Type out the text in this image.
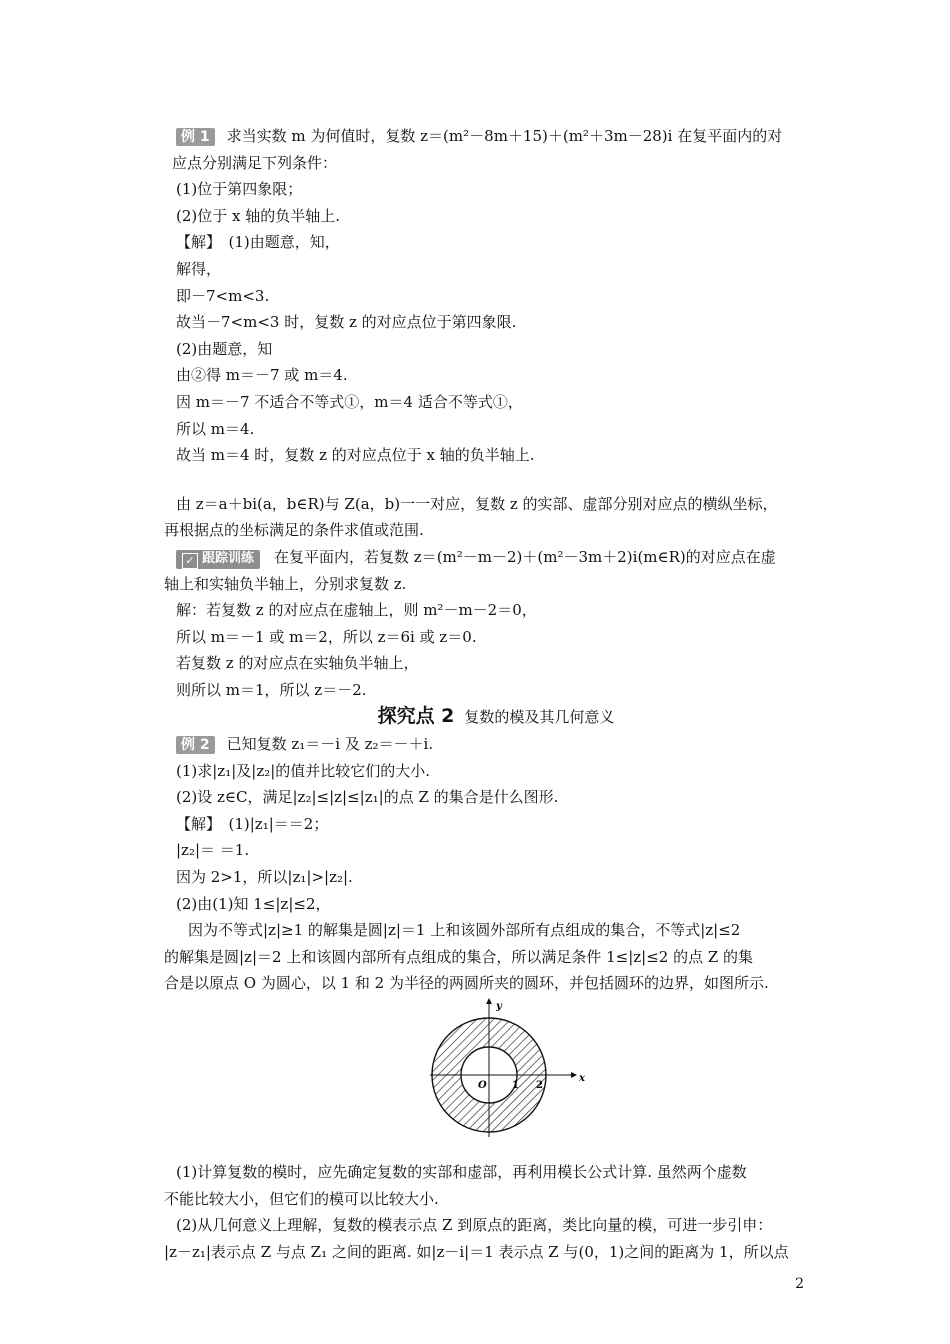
例 1 求当实数 m 为何值时，复数 z＝(m²－8m＋15)＋(m²＋3m－28)i 在复平面内的对

应点分别满足下列条件：

(1)位于第四象限；

(2)位于 x 轴的负半轴上.

【解】　(1)由题意，知，

解得，

即－7<m<3.

故当－7<m<3 时，复数 z 的对应点位于第四象限.

(2)由题意，知

由②得 m＝－7 或 m＝4.

因 m＝－7 不适合不等式①，m＝4 适合不等式①，

所以 m＝4.

故当 m＝4 时，复数 z 的对应点位于 x 轴的负半轴上.

由 z＝a＋bi(a，b∈R)与 Z(a，b)一一对应，复数 z 的实部、虚部分别对应点的横纵坐标，

再根据点的坐标满足的条件求值或范围.

✓ 跟踪训练 在复平面内，若复数 z＝(m²－m－2)＋(m²－3m＋2)i(m∈R)的对应点在虚

轴上和实轴负半轴上，分别求复数 z.

解：若复数 z 的对应点在虚轴上，则 m²－m－2＝0，

所以 m＝－1 或 m＝2，所以 z＝6i 或 z＝0.

若复数 z 的对应点在实轴负半轴上，

则所以 m＝1，所以 z＝－2.

探究点 2 复数的模及其几何意义

例 2 已知复数 z₁＝－i 及 z₂＝－＋i.

(1)求|z₁|及|z₂|的值并比较它们的大小.

(2)设 z∈C，满足|z₂|≤|z|≤|z₁|的点 Z 的集合是什么图形.

【解】　(1)|z₁|＝＝2；

|z₂|＝ ＝1.

因为 2>1，所以|z₁|>|z₂|.

(2)由(1)知 1≤|z|≤2，

因为不等式|z|≥1 的解集是圆|z|＝1 上和该圆外部所有点组成的集合，不等式|z|≤2

的解集是圆|z|＝2 上和该圆内部所有点组成的集合，所以满足条件 1≤|z|≤2 的点 Z 的集

合是以原点 O 为圆心，以 1 和 2 为半径的两圆所夹的圆环，并包括圆环的边界，如图所示.

y
x
O	1 2

(1)计算复数的模时，应先确定复数的实部和虚部，再利用模长公式计算. 虽然两个虚数

不能比较大小，但它们的模可以比较大小.

(2)从几何意义上理解，复数的模表示点 Z 到原点的距离，类比向量的模，可进一步引申：

|z－z₁|表示点 Z 与点 Z₁ 之间的距离. 如|z－i|＝1 表示点 Z 与(0，1)之间的距离为 1，所以点

2
